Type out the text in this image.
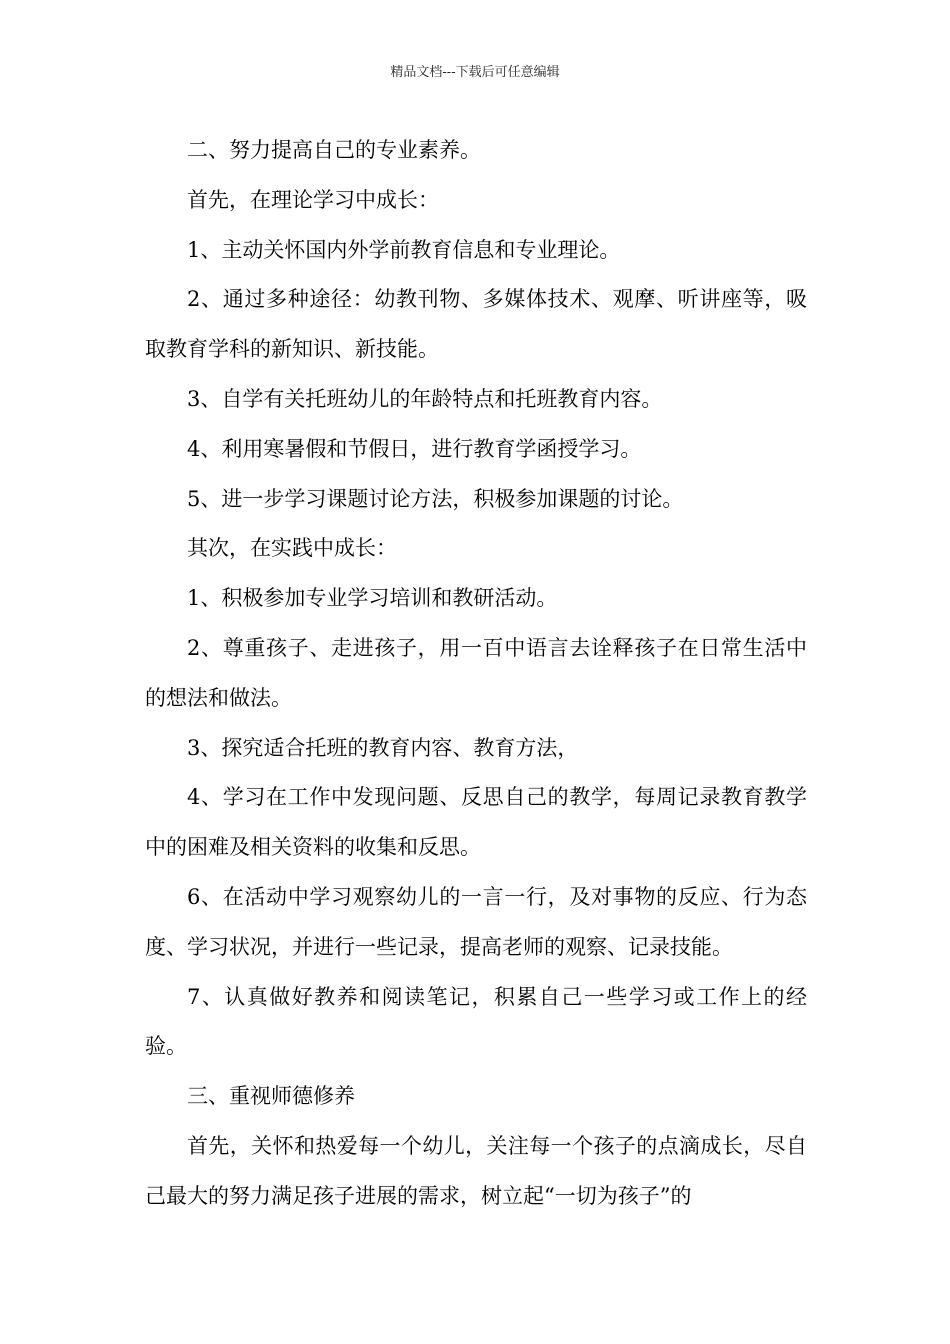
精品文档---下载后可任意编辑

二、努力提高自己的专业素养。

首先，在理论学习中成长：

1、主动关怀国内外学前教育信息和专业理论。

2、通过多种途径：幼教刊物、多媒体技术、观摩、听讲座等，吸取教育学科的新知识、新技能。

3、自学有关托班幼儿的年龄特点和托班教育内容。

4、利用寒暑假和节假日，进行教育学函授学习。

5、进一步学习课题讨论方法，积极参加课题的讨论。

其次，在实践中成长：

1、积极参加专业学习培训和教研活动。

2、尊重孩子、走进孩子，用一百中语言去诠释孩子在日常生活中的想法和做法。

3、探究适合托班的教育内容、教育方法，

4、学习在工作中发现问题、反思自己的教学，每周记录教育教学中的困难及相关资料的收集和反思。

6、在活动中学习观察幼儿的一言一行，及对事物的反应、行为态度、学习状况，并进行一些记录，提高老师的观察、记录技能。

7、认真做好教养和阅读笔记，积累自己一些学习或工作上的经验。

三、重视师德修养

首先，关怀和热爱每一个幼儿，关注每一个孩子的点滴成长，尽自己最大的努力满足孩子进展的需求，树立起“一切为孩子”的
